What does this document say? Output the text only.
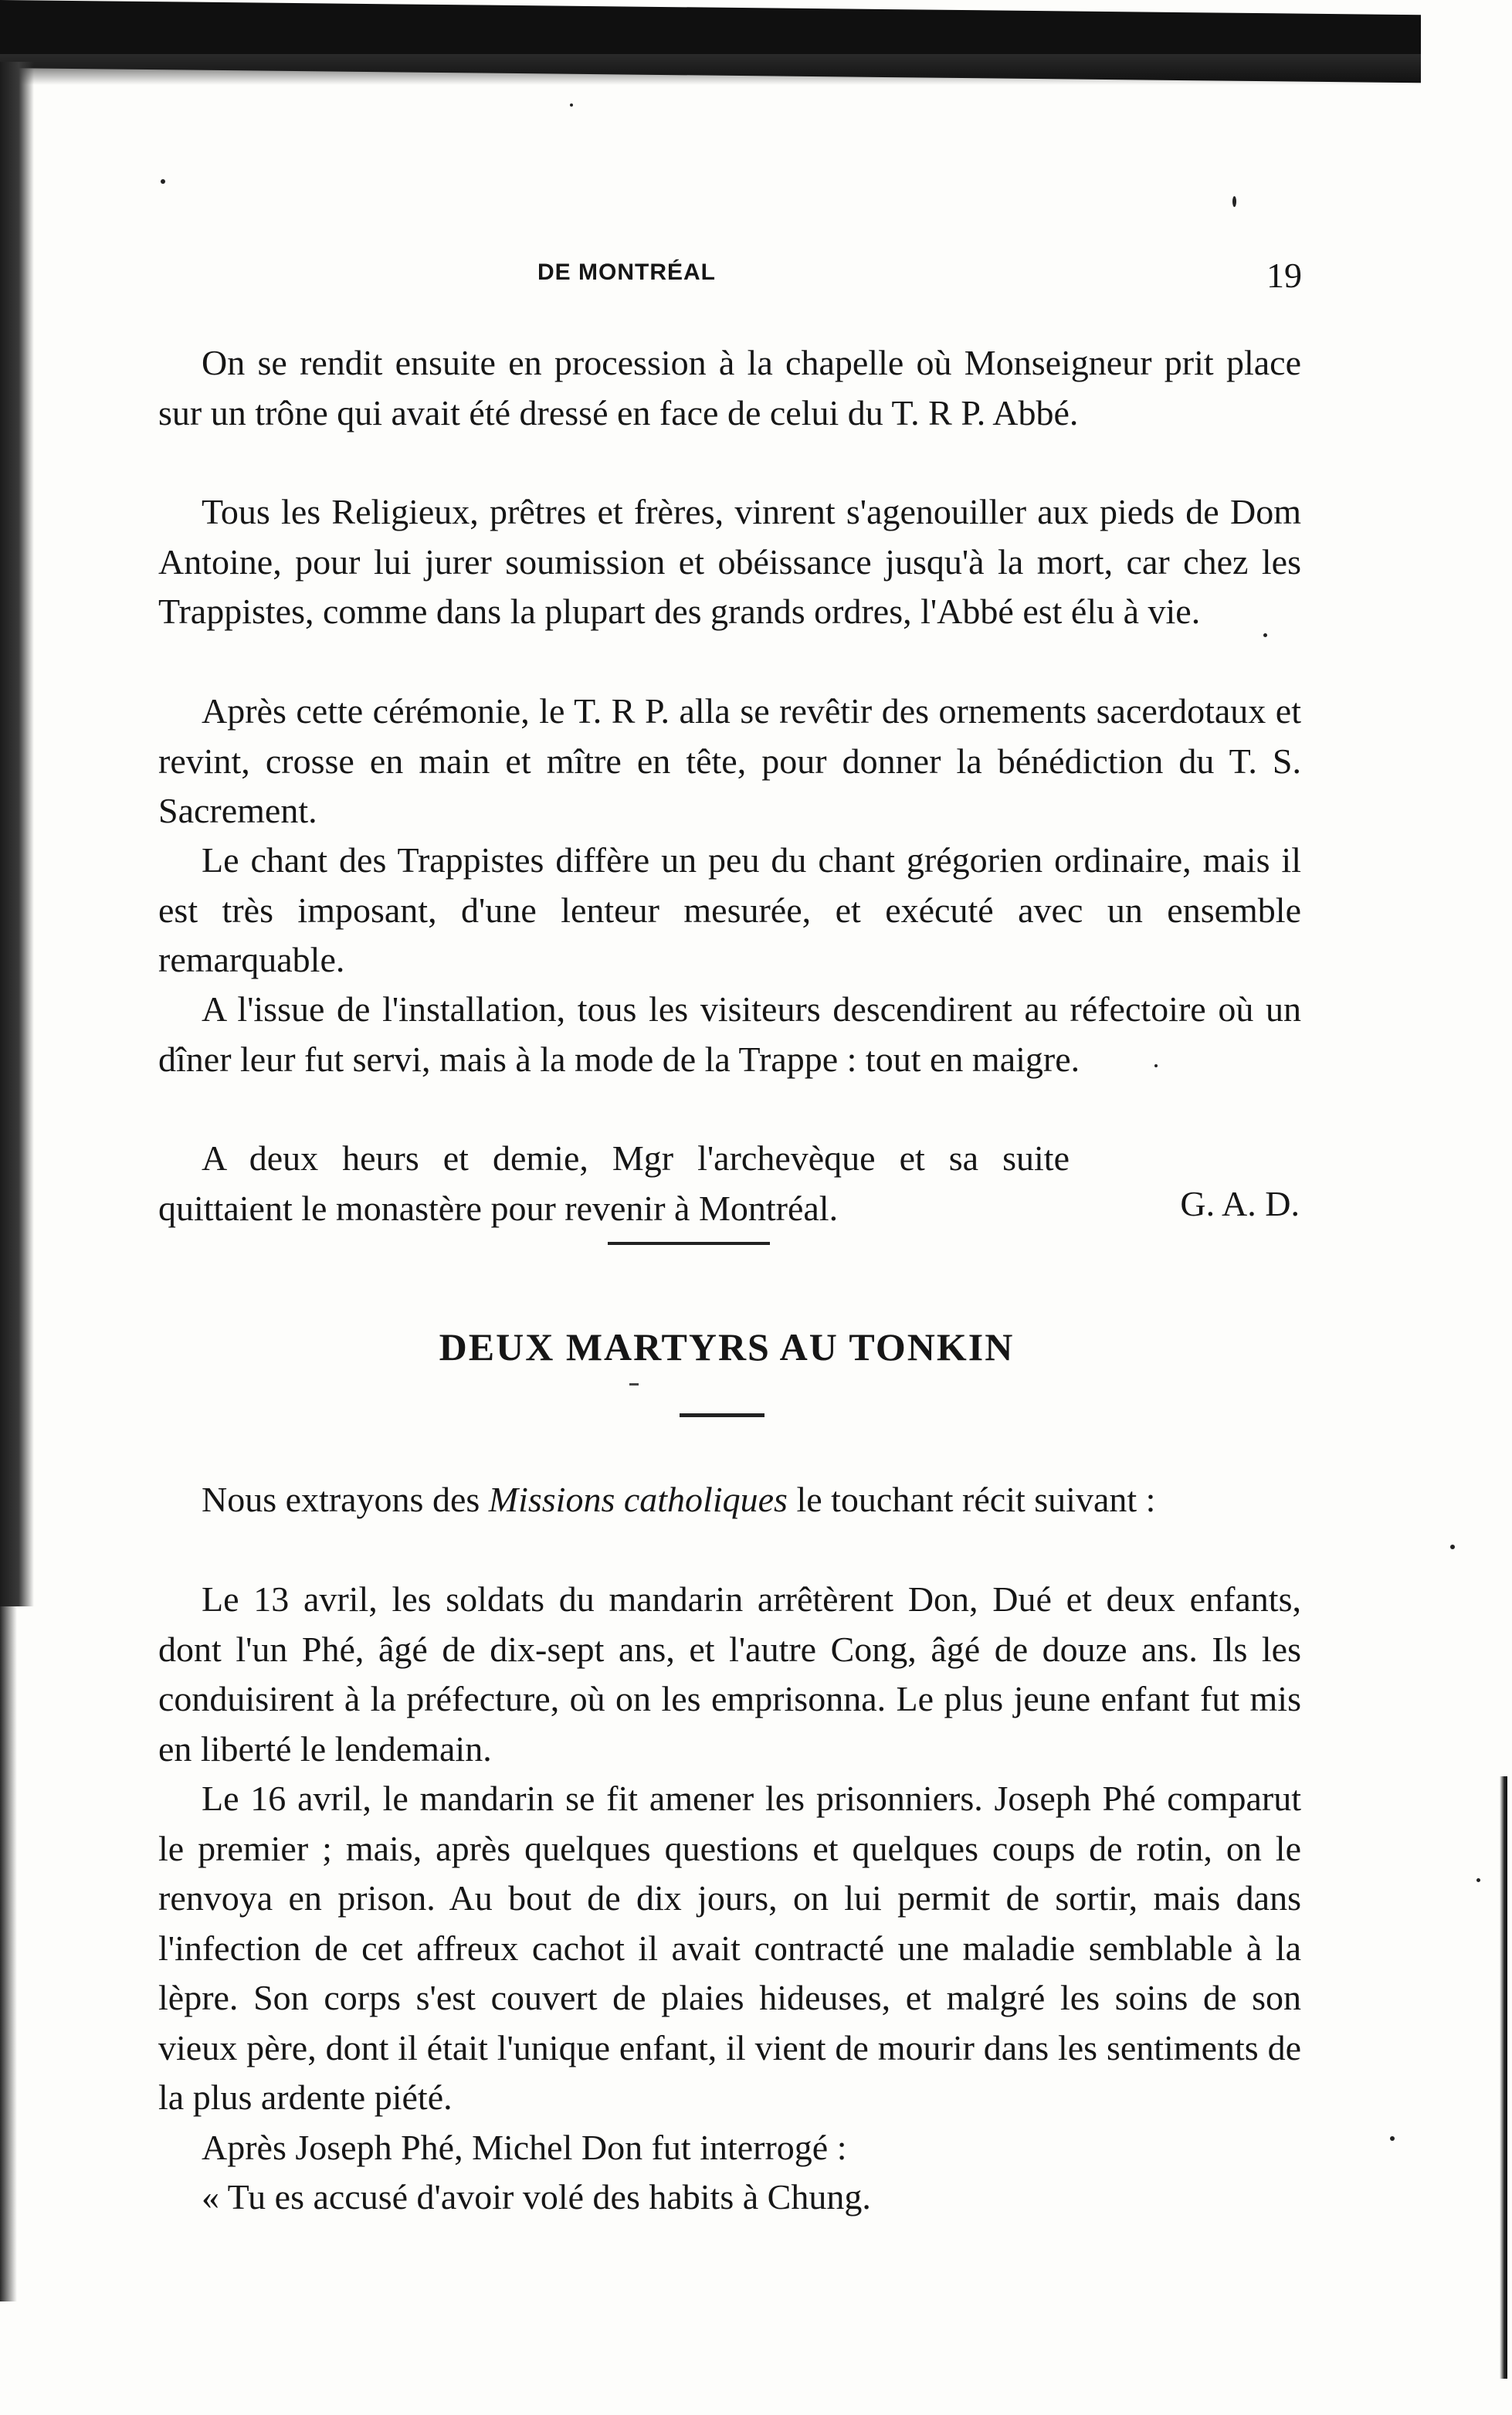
DE MONTRÉAL	19

On se rendit ensuite en procession à la chapelle où Monseigneur prit place sur un trône qui avait été dressé en face de celui du T. R P. Abbé.

Tous les Religieux, prêtres et frères, vinrent s'agenouiller aux pieds de Dom Antoine, pour lui jurer soumission et obéissance jusqu'à la mort, car chez les Trappistes, comme dans la plupart des grands ordres, l'Abbé est élu à vie.

Après cette cérémonie, le T. R P. alla se revêtir des ornements sacerdotaux et revint, crosse en main et mître en tête, pour donner la bénédiction du T. S. Sacrement.

Le chant des Trappistes diffère un peu du chant grégorien ordinaire, mais il est très imposant, d'une lenteur mesurée, et exécuté avec un ensemble remarquable.

A l'issue de l'installation, tous les visiteurs descendirent au réfectoire où un dîner leur fut servi, mais à la mode de la Trappe : tout en maigre.

A deux heurs et demie, Mgr l'archevèque et sa suite quittaient le monastère pour revenir à Montréal.	G. A. D.
DEUX MARTYRS AU TONKIN

Nous extrayons des Missions catholiques le touchant récit suivant :

Le 13 avril, les soldats du mandarin arrêtèrent Don, Dué et deux enfants, dont l'un Phé, âgé de dix-sept ans, et l'autre Cong, âgé de douze ans. Ils les conduisirent à la préfecture, où on les emprisonna. Le plus jeune enfant fut mis en liberté le lendemain.

Le 16 avril, le mandarin se fit amener les prisonniers. Joseph Phé comparut le premier ; mais, après quelques questions et quelques coups de rotin, on le renvoya en prison. Au bout de dix jours, on lui permit de sortir, mais dans l'infection de cet affreux cachot il avait contracté une maladie semblable à la lèpre. Son corps s'est couvert de plaies hideuses, et malgré les soins de son vieux père, dont il était l'unique enfant, il vient de mourir dans les sentiments de la plus ardente piété.

Après Joseph Phé, Michel Don fut interrogé :

« Tu es accusé d'avoir volé des habits à Chung.
